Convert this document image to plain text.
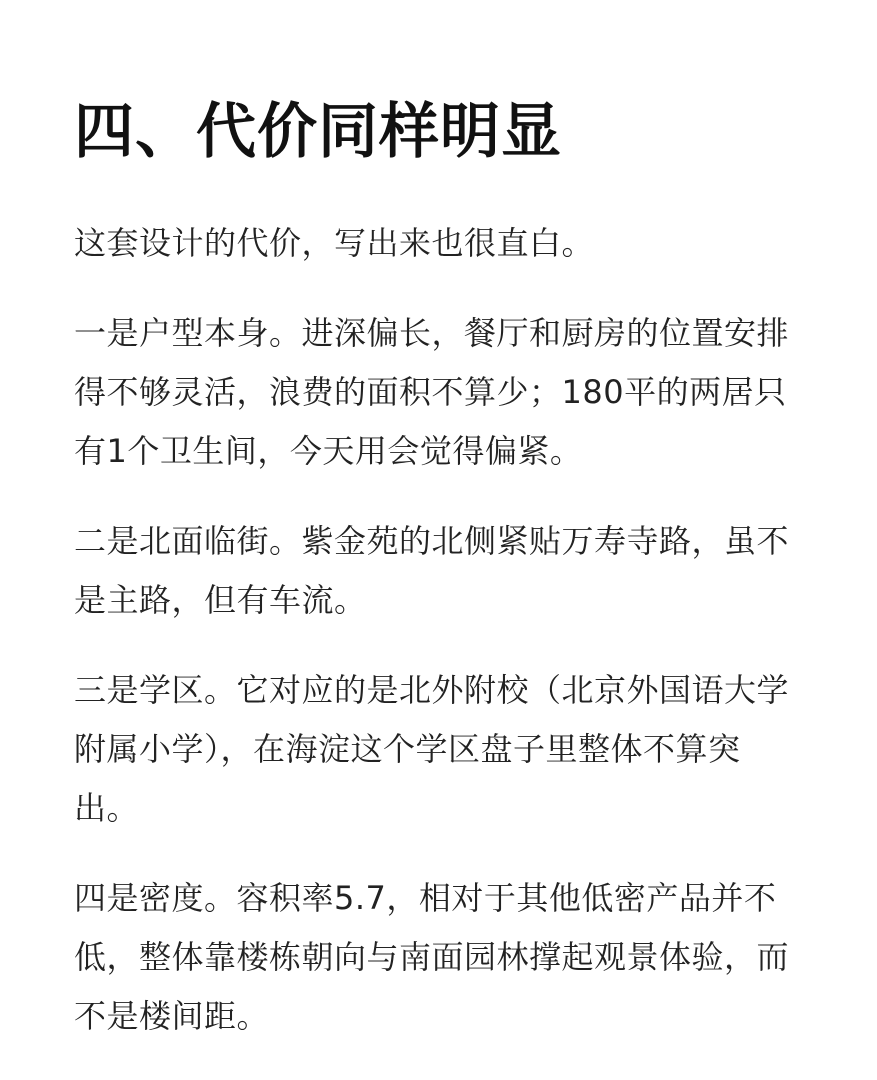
四、代价同样明显
这套设计的代价，写出来也很直白。
一是户型本身。进深偏长，餐厅和厨房的位置安排
得不够灵活，浪费的面积不算少；180平的两居只
有1个卫生间，今天用会觉得偏紧。
二是北面临街。紫金苑的北侧紧贴万寿寺路，虽不
是主路，但有车流。
三是学区。它对应的是北外附校（北京外国语大学
附属小学），在海淀这个学区盘子里整体不算突
出。
四是密度。容积率5.7，相对于其他低密产品并不
低，整体靠楼栋朝向与南面园林撑起观景体验，而
不是楼间距。
